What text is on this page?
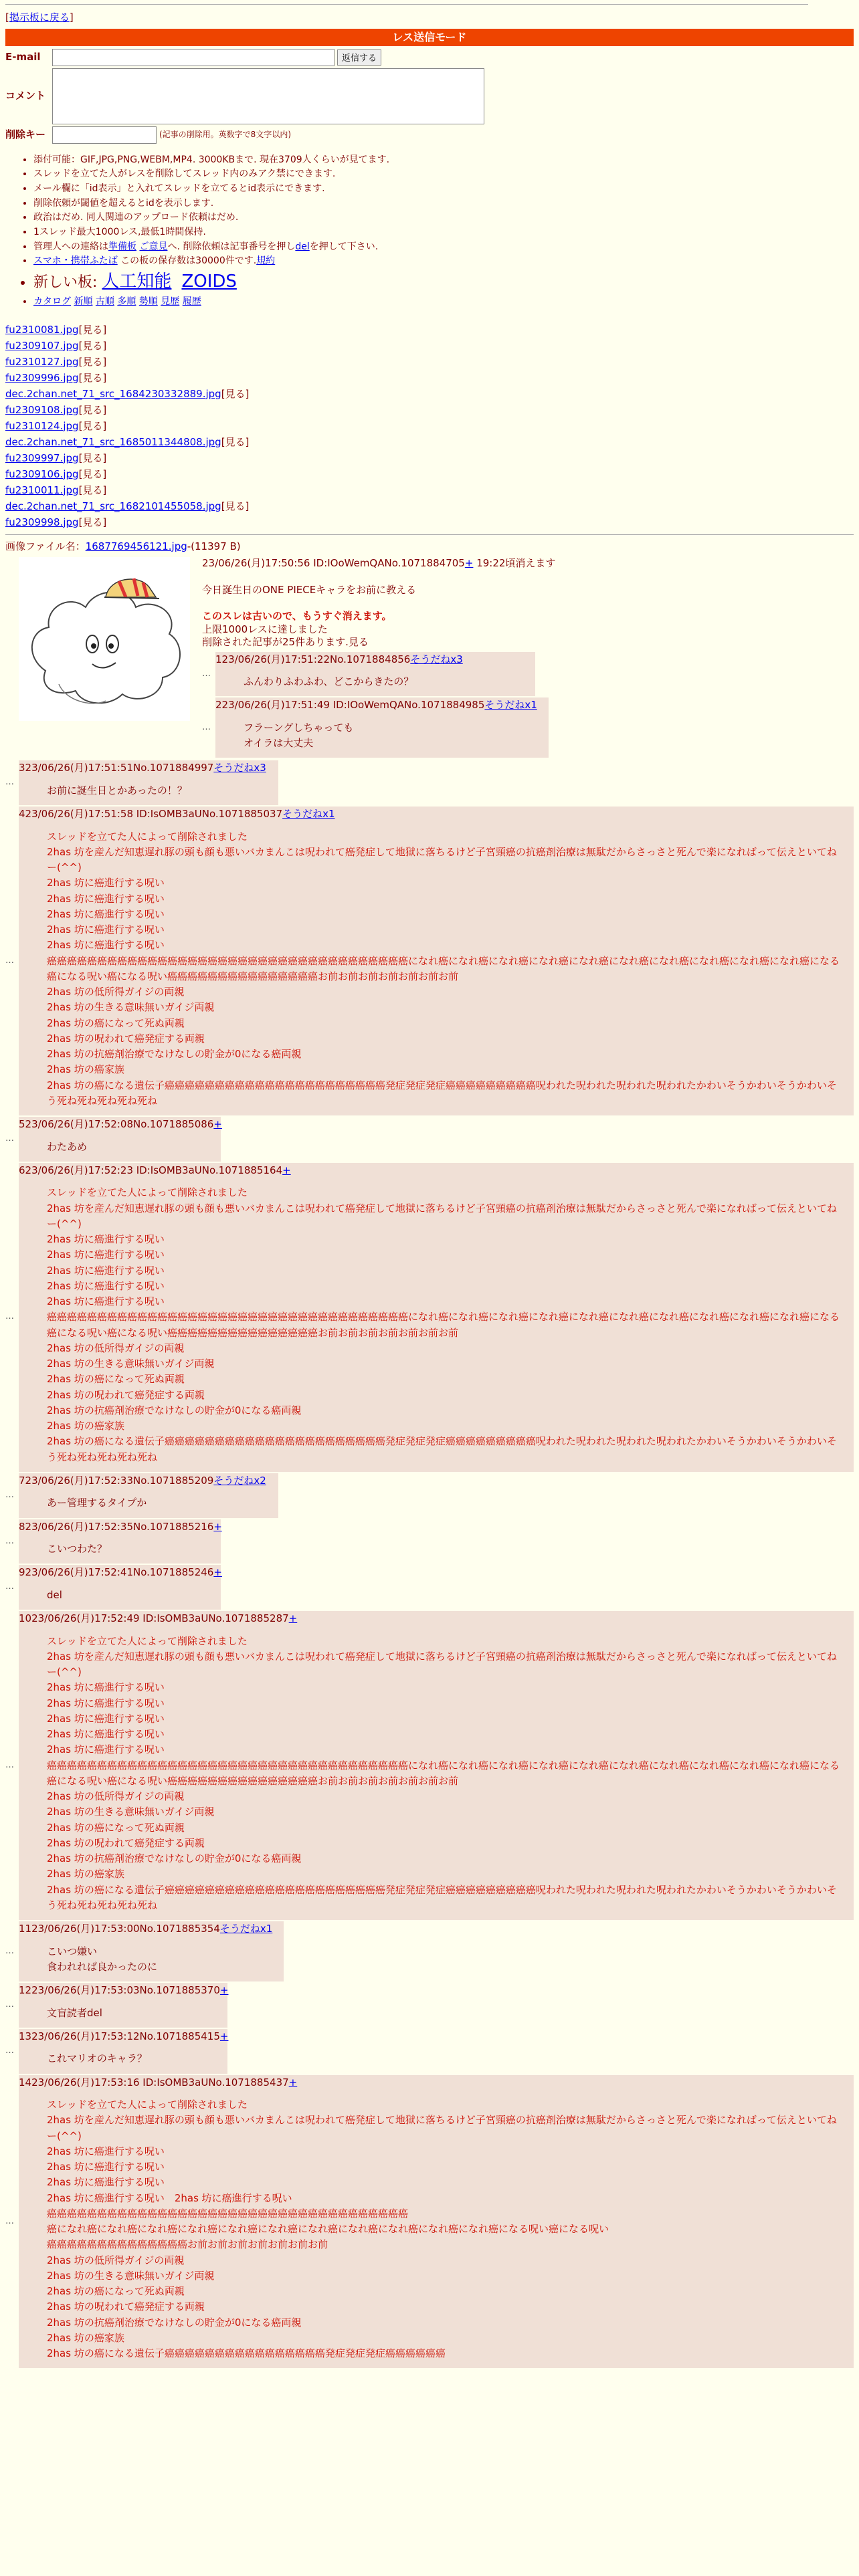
[掲示板に戻る]
レス送信モード
E-mail	返信する
コメント
削除キー	(記事の削除用。英数字で8文字以内)
• 添付可能：GIF,JPG,PNG,WEBM,MP4. 3000KBまで. 現在3709人くらいが見てます.
• スレッドを立てた人がレスを削除してスレッド内のみアク禁にできます.
• メール欄に「id表示」と入れてスレッドを立てるとid表示にできます.
• 削除依頼が閾値を超えるとidを表示します.
• 政治はだめ. 同人関連のアップロード依頼はだめ.
• 1スレッド最大1000レス,最低1時間保持.
• 管理人への連絡は準備板 ご意見へ. 削除依頼は記事番号を押しdelを押して下さい.
• スマホ・携帯ふたば この板の保存数は30000件です.規約
• 新しい板: 人工知能 ZOIDS
• カタログ 新順 古順 多順 勢順 見歴 履歴
fu2310081.jpg[見る]
fu2309107.jpg[見る]
fu2310127.jpg[見る]
fu2309996.jpg[見る]
dec.2chan.net_71_src_1684230332889.jpg[見る]
fu2309108.jpg[見る]
fu2310124.jpg[見る]
dec.2chan.net_71_src_1685011344808.jpg[見る]
fu2309997.jpg[見る]
fu2309106.jpg[見る]
fu2310011.jpg[見る]
dec.2chan.net_71_src_1682101455058.jpg[見る]
fu2309998.jpg[見る]
画像ファイル名：1687769456121.jpg-(11397 B)
23/06/26(月)17:50:56 ID:IOoWemQANo.1071884705+ 19:22頃消えます
今日誕生日のONE PIECEキャラをお前に教える
このスレは古いので、もうすぐ消えます。
上限1000レスに達しました
削除された記事が25件あります.見る
…
123/06/26(月)17:51:22No.1071884856そうだねx3
ふんわりふわふわ、どこからきたの？
…
223/06/26(月)17:51:49 ID:IOoWemQANo.1071884985そうだねx1
フラーングしちゃっても
オイラは大丈夫
…
323/06/26(月)17:51:51No.1071884997そうだねx3
お前に誕生日とかあったの！？
…
423/06/26(月)17:51:58 ID:IsOMB3aUNo.1071885037そうだねx1
スレッドを立てた人によって削除されました
2has 坊を産んだ知恵遅れ豚の頭も顔も悪いバカまんこは呪われて癌発症して地獄に落ちるけど子宮頸癌の抗癌剤治療は無駄だからさっさと死んで楽になればって伝えといてねー(^^)
2has 坊に癌進行する呪い
2has 坊に癌進行する呪い
2has 坊に癌進行する呪い
2has 坊に癌進行する呪い
2has 坊に癌進行する呪い
癌癌癌癌癌癌癌癌癌癌癌癌癌癌癌癌癌癌癌癌癌癌癌癌癌癌癌癌癌癌癌癌癌癌癌癌になれ癌になれ癌になれ癌になれ癌になれ癌になれ癌になれ癌になれ癌になれ癌になれ癌になる癌になる呪い癌になる呪い癌癌癌癌癌癌癌癌癌癌癌癌癌癌癌お前お前お前お前お前お前お前
2has 坊の低所得ガイジの両親
2has 坊の生きる意味無いガイジ両親
2has 坊の癌になって死ぬ両親
2has 坊の呪われて癌発症する両親
2has 坊の抗癌剤治療でなけなしの貯金が0になる癌両親
2has 坊の癌家族
2has 坊の癌になる遺伝子癌癌癌癌癌癌癌癌癌癌癌癌癌癌癌癌癌癌癌癌癌癌発症発症発症癌癌癌癌癌癌癌癌癌呪われた呪われた呪われた呪われたかわいそうかわいそうかわいそう死ね死ね死ね死ね死ね
…
523/06/26(月)17:52:08No.1071885086+
わたあめ
…
623/06/26(月)17:52:23 ID:IsOMB3aUNo.1071885164+
スレッドを立てた人によって削除されました
2has 坊を産んだ知恵遅れ豚の頭も顔も悪いバカまんこは呪われて癌発症して地獄に落ちるけど子宮頸癌の抗癌剤治療は無駄だからさっさと死んで楽になればって伝えといてねー(^^)
2has 坊に癌進行する呪い
2has 坊に癌進行する呪い
2has 坊に癌進行する呪い
2has 坊に癌進行する呪い
2has 坊に癌進行する呪い
癌癌癌癌癌癌癌癌癌癌癌癌癌癌癌癌癌癌癌癌癌癌癌癌癌癌癌癌癌癌癌癌癌癌癌癌になれ癌になれ癌になれ癌になれ癌になれ癌になれ癌になれ癌になれ癌になれ癌になれ癌になる癌になる呪い癌になる呪い癌癌癌癌癌癌癌癌癌癌癌癌癌癌癌お前お前お前お前お前お前お前
2has 坊の低所得ガイジの両親
2has 坊の生きる意味無いガイジ両親
2has 坊の癌になって死ぬ両親
2has 坊の呪われて癌発症する両親
2has 坊の抗癌剤治療でなけなしの貯金が0になる癌両親
2has 坊の癌家族
2has 坊の癌になる遺伝子癌癌癌癌癌癌癌癌癌癌癌癌癌癌癌癌癌癌癌癌癌癌発症発症発症癌癌癌癌癌癌癌癌癌呪われた呪われた呪われた呪われたかわいそうかわいそうかわいそう死ね死ね死ね死ね死ね
…
723/06/26(月)17:52:33No.1071885209そうだねx2
あー管理するタイプか
…
823/06/26(月)17:52:35No.1071885216+
こいつわた？
…
923/06/26(月)17:52:41No.1071885246+
del
…
1023/06/26(月)17:52:49 ID:IsOMB3aUNo.1071885287+
スレッドを立てた人によって削除されました
2has 坊を産んだ知恵遅れ豚の頭も顔も悪いバカまんこは呪われて癌発症して地獄に落ちるけど子宮頸癌の抗癌剤治療は無駄だからさっさと死んで楽になればって伝えといてねー(^^)
2has 坊に癌進行する呪い
2has 坊に癌進行する呪い
2has 坊に癌進行する呪い
2has 坊に癌進行する呪い
2has 坊に癌進行する呪い
癌癌癌癌癌癌癌癌癌癌癌癌癌癌癌癌癌癌癌癌癌癌癌癌癌癌癌癌癌癌癌癌癌癌癌癌になれ癌になれ癌になれ癌になれ癌になれ癌になれ癌になれ癌になれ癌になれ癌になれ癌になる癌になる呪い癌になる呪い癌癌癌癌癌癌癌癌癌癌癌癌癌癌癌お前お前お前お前お前お前お前
2has 坊の低所得ガイジの両親
2has 坊の生きる意味無いガイジ両親
2has 坊の癌になって死ぬ両親
2has 坊の呪われて癌発症する両親
2has 坊の抗癌剤治療でなけなしの貯金が0になる癌両親
2has 坊の癌家族
2has 坊の癌になる遺伝子癌癌癌癌癌癌癌癌癌癌癌癌癌癌癌癌癌癌癌癌癌癌発症発症発症癌癌癌癌癌癌癌癌癌呪われた呪われた呪われた呪われたかわいそうかわいそうかわいそう死ね死ね死ね死ね死ね
…
1123/06/26(月)17:53:00No.1071885354そうだねx1
こいつ嫌い
食われれば良かったのに
…
1223/06/26(月)17:53:03No.1071885370+
文盲読者del
…
1323/06/26(月)17:53:12No.1071885415+
これマリオのキャラ？
…
1423/06/26(月)17:53:16 ID:IsOMB3aUNo.1071885437+
スレッドを立てた人によって削除されました
2has 坊を産んだ知恵遅れ豚の頭も顔も悪いバカまんこは呪われて癌発症して地獄に落ちるけど子宮頸癌の抗癌剤治療は無駄だからさっさと死んで楽になればって伝えといてねー(^^)
2has 坊に癌進行する呪い
2has 坊に癌進行する呪い
2has 坊に癌進行する呪い
2has 坊に癌進行する呪い　2has 坊に癌進行する呪い
癌癌癌癌癌癌癌癌癌癌癌癌癌癌癌癌癌癌癌癌癌癌癌癌癌癌癌癌癌癌癌癌癌癌癌癌
癌になれ癌になれ癌になれ癌になれ癌になれ癌になれ癌になれ癌になれ癌になれ癌になれ癌になれ癌になる呪い癌になる呪い
癌癌癌癌癌癌癌癌癌癌癌癌癌癌お前お前お前お前お前お前お前
2has 坊の低所得ガイジの両親
2has 坊の生きる意味無いガイジ両親
2has 坊の癌になって死ぬ両親
2has 坊の呪われて癌発症する両親
2has 坊の抗癌剤治療でなけなしの貯金が0になる癌両親
2has 坊の癌家族
2has 坊の癌になる遺伝子癌癌癌癌癌癌癌癌癌癌癌癌癌癌癌癌発症発症発症癌癌癌癌癌癌
